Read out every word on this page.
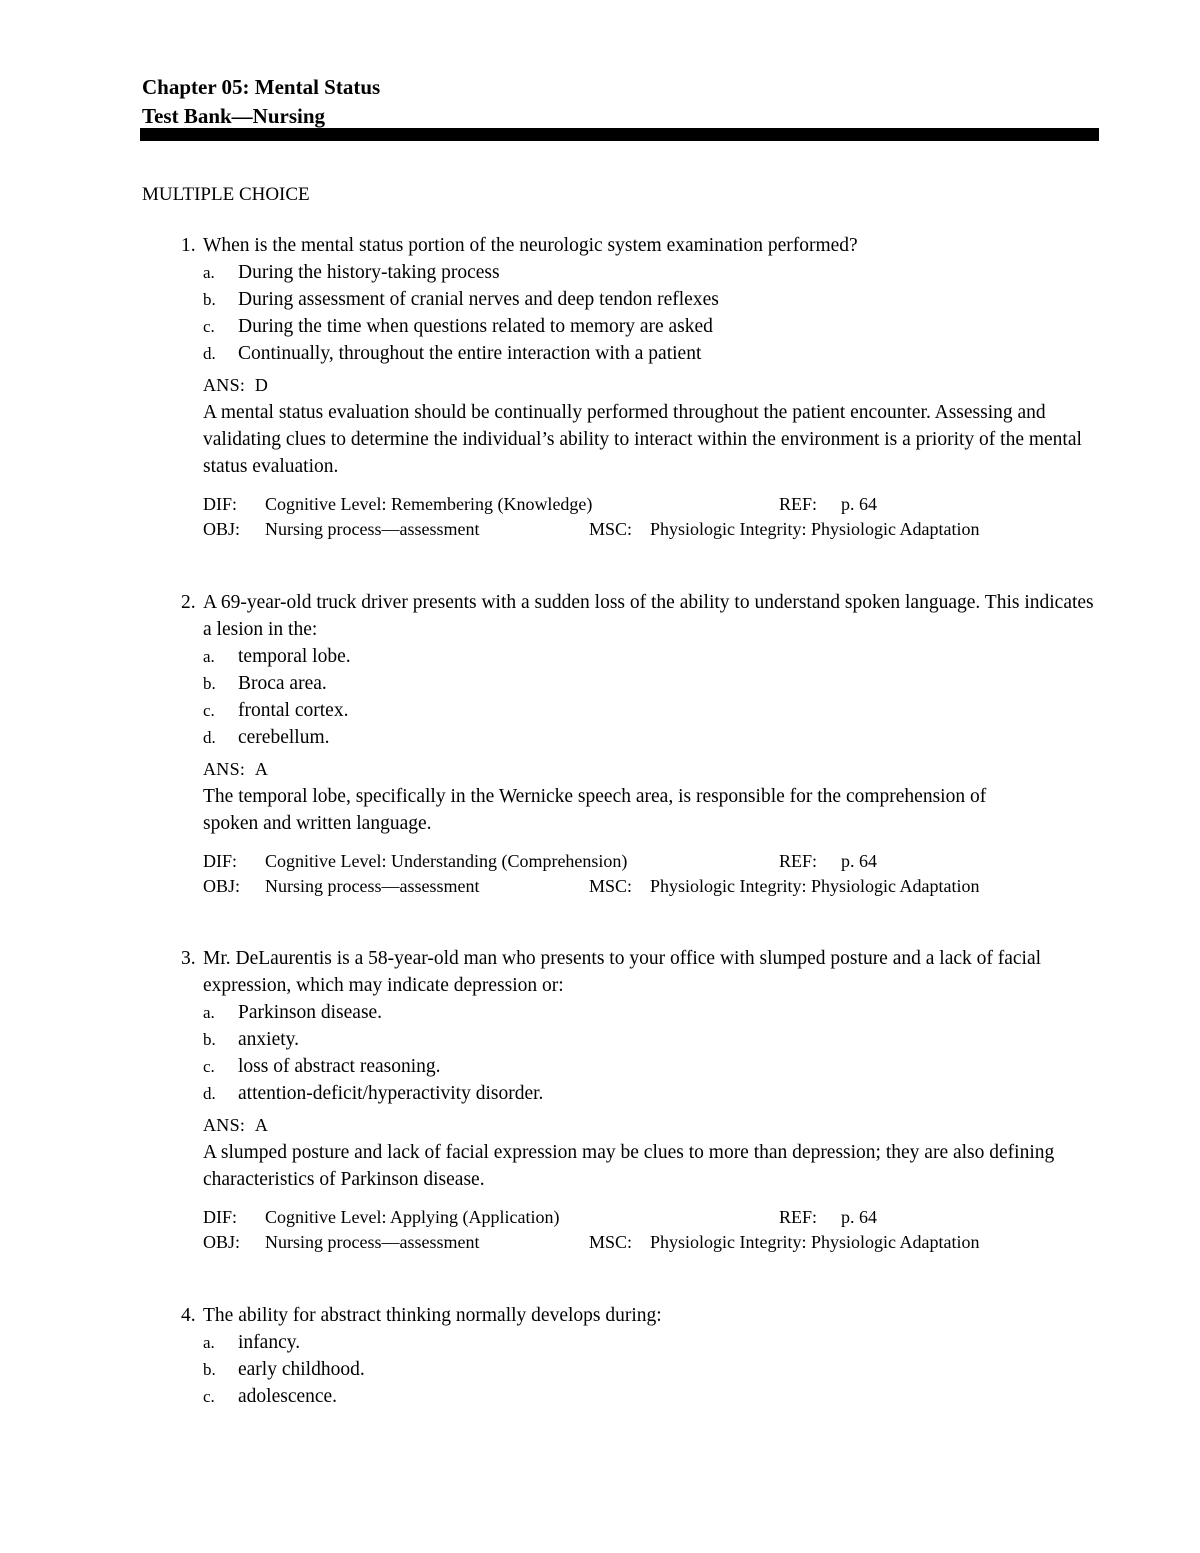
Chapter 05: Mental Status
Test Bank—Nursing
MULTIPLE CHOICE
1. When is the mental status portion of the neurologic system examination performed?
a.	During the history-taking process
b.	During assessment of cranial nerves and deep tendon reflexes
c.	During the time when questions related to memory are asked
d.	Continually, throughout the entire interaction with a patient
ANS: D
A mental status evaluation should be continually performed throughout the patient encounter. Assessing and validating clues to determine the individual’s ability to interact within the environment is a priority of the mental status evaluation.
DIF: Cognitive Level: Remembering (Knowledge)	REF: p. 64
OBJ: Nursing process—assessment	MSC: Physiologic Integrity: Physiologic Adaptation
2. A 69-year-old truck driver presents with a sudden loss of the ability to understand spoken language. This indicates a lesion in the:
a.	temporal lobe.
b.	Broca area.
c.	frontal cortex.
d.	cerebellum.
ANS: A
The temporal lobe, specifically in the Wernicke speech area, is responsible for the comprehension of spoken and written language.
DIF: Cognitive Level: Understanding (Comprehension)	REF: p. 64
OBJ: Nursing process—assessment	MSC: Physiologic Integrity: Physiologic Adaptation
3. Mr. DeLaurentis is a 58-year-old man who presents to your office with slumped posture and a lack of facial expression, which may indicate depression or:
a.	Parkinson disease.
b.	anxiety.
c.	loss of abstract reasoning.
d.	attention-deficit/hyperactivity disorder.
ANS: A
A slumped posture and lack of facial expression may be clues to more than depression; they are also defining characteristics of Parkinson disease.
DIF: Cognitive Level: Applying (Application)	REF: p. 64
OBJ: Nursing process—assessment	MSC: Physiologic Integrity: Physiologic Adaptation
4. The ability for abstract thinking normally develops during:
a.	infancy.
b.	early childhood.
c.	adolescence.
